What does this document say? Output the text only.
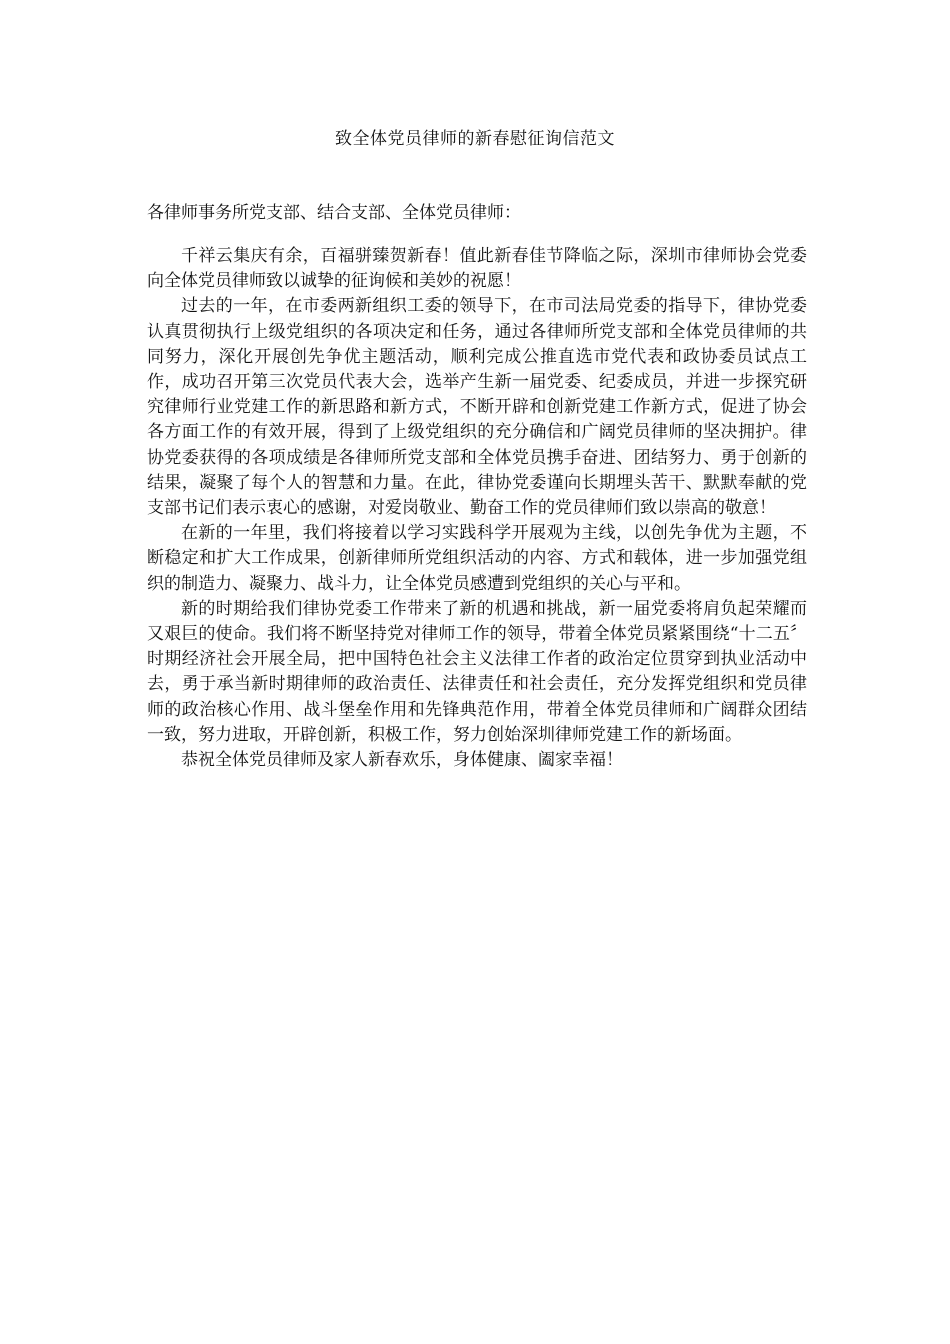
致全体党员律师的新春慰征询信范文
各律师事务所党支部、结合支部、全体党员律师：

千祥云集庆有余，百福骈臻贺新春！值此新春佳节降临之际，深圳市律师协会党委向全体党员律师致以诚挚的征询候和美妙的祝愿！

过去的一年，在市委两新组织工委的领导下，在市司法局党委的指导下，律协党委认真贯彻执行上级党组织的各项决定和任务，通过各律师所党支部和全体党员律师的共同努力，深化开展创先争优主题活动，顺利完成公推直选市党代表和政协委员试点工作，成功召开第三次党员代表大会，选举产生新一届党委、纪委成员，并进一步探究研究律师行业党建工作的新思路和新方式，不断开辟和创新党建工作新方式，促进了协会各方面工作的有效开展，得到了上级党组织的充分确信和广阔党员律师的坚决拥护。律协党委获得的各项成绩是各律师所党支部和全体党员携手奋进、团结努力、勇于创新的结果，凝聚了每个人的智慧和力量。在此，律协党委谨向长期埋头苦干、默默奉献的党支部书记们表示衷心的感谢，对爱岗敬业、勤奋工作的党员律师们致以崇高的敬意！

在新的一年里，我们将接着以学习实践科学开展观为主线，以创先争优为主题，不断稳定和扩大工作成果，创新律师所党组织活动的内容、方式和载体，进一步加强党组织的制造力、凝聚力、战斗力，让全体党员感遭到党组织的关心与平和。

新的时期给我们律协党委工作带来了新的机遇和挑战，新一届党委将肩负起荣耀而又艰巨的使命。我们将不断坚持党对律师工作的领导，带着全体党员紧紧围绕“十二五〞时期经济社会开展全局，把中国特色社会主义法律工作者的政治定位贯穿到执业活动中去，勇于承当新时期律师的政治责任、法律责任和社会责任，充分发挥党组织和党员律师的政治核心作用、战斗堡垒作用和先锋典范作用，带着全体党员律师和广阔群众团结一致，努力进取，开辟创新，积极工作，努力创始深圳律师党建工作的新场面。

恭祝全体党员律师及家人新春欢乐，身体健康、阖家幸福！
